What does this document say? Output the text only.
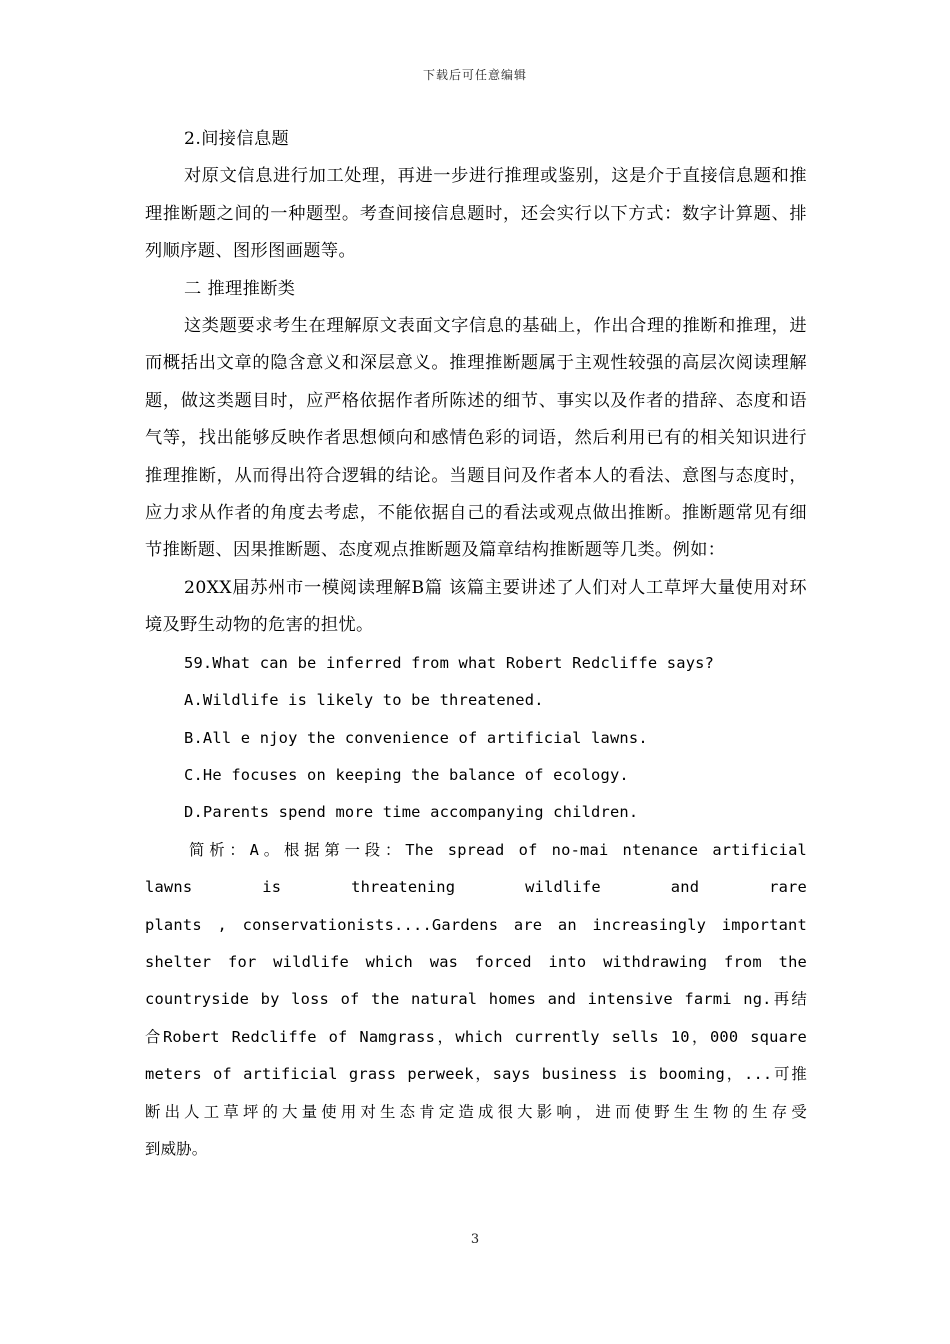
下载后可任意编辑

2.间接信息题

对原文信息进行加工处理，再进一步进行推理或鉴别，这是介于直接信息题和推理推断题之间的一种题型。考查间接信息题时，还会实行以下方式：数字计算题、排列顺序题、图形图画题等。

二 推理推断类

这类题要求考生在理解原文表面文字信息的基础上，作出合理的推断和推理，进而概括出文章的隐含意义和深层意义。推理推断题属于主观性较强的高层次阅读理解题，做这类题目时，应严格依据作者所陈述的细节、事实以及作者的措辞、态度和语气等，找出能够反映作者思想倾向和感情色彩的词语，然后利用已有的相关知识进行推理推断，从而得出符合逻辑的结论。当题目问及作者本人的看法、意图与态度时，应力求从作者的角度去考虑，不能依据自己的看法或观点做出推断。推断题常见有细节推断题、因果推断题、态度观点推断题及篇章结构推断题等几类。例如：

20XX届苏州市一模阅读理解B篇 该篇主要讲述了人们对人工草坪大量使用对环境及野生动物的危害的担忧。

59.What can be inferred from what Robert Redcliffe says?

A.Wildlife is likely to be threatened.

B.All e njoy the convenience of artificial lawns.

C.He focuses on keeping the balance of ecology.

D.Parents spend more time accompanying children.

简析：A。根据第一段：The spread of no-mai ntenance artificial
lawns is threatening wildlife and rare
plants , conservationists....Gardens are an increasingly important
shelter for wildlife which was forced into withdrawing from the
countryside by loss of the natural homes and intensive farmi ng.再结
合Robert Redcliffe of Namgrass，which currently sells 10，000 square
meters of artificial grass perweek，says business is booming，...可推
断出人工草坪的大量使用对生态肯定造成很大影响，进而使野生生物的生存受
到威胁。
3
